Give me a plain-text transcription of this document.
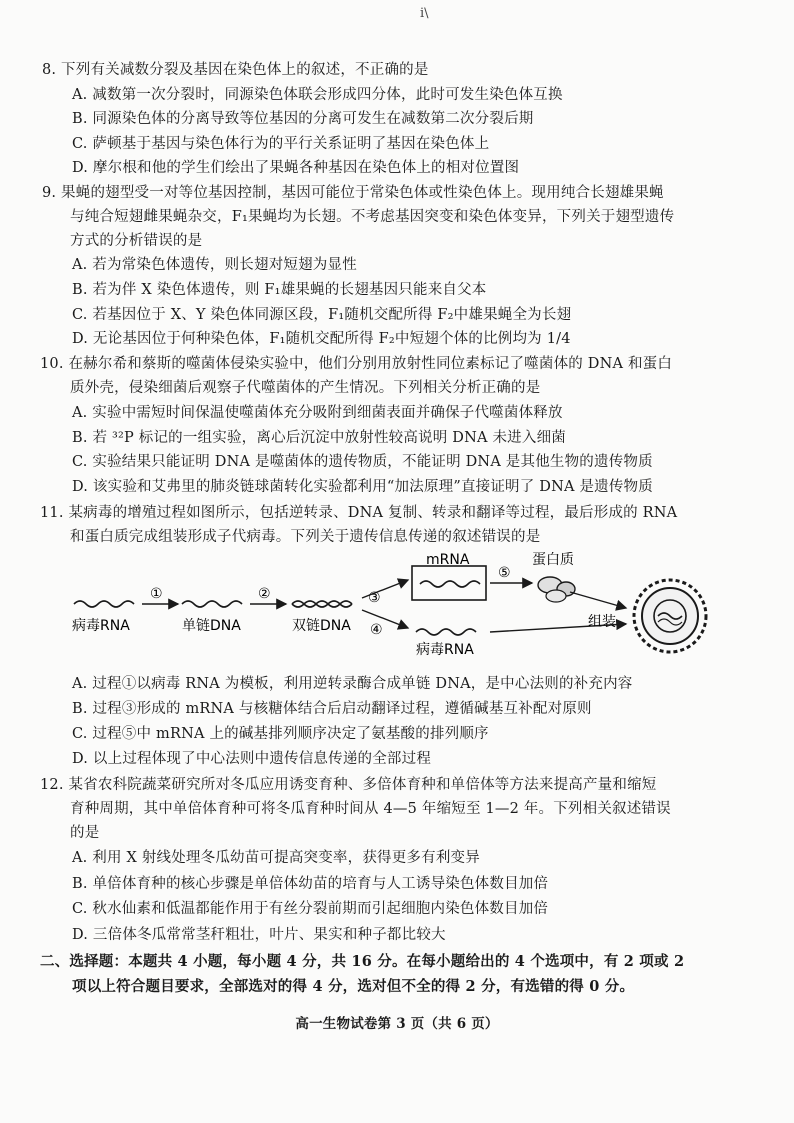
i\
8. 下列有关减数分裂及基因在染色体上的叙述，不正确的是
A. 减数第一次分裂时，同源染色体联会形成四分体，此时可发生染色体互换
B. 同源染色体的分离导致等位基因的分离可发生在减数第二次分裂后期
C. 萨顿基于基因与染色体行为的平行关系证明了基因在染色体上
D. 摩尔根和他的学生们绘出了果蝇各种基因在染色体上的相对位置图
9. 果蝇的翅型受一对等位基因控制，基因可能位于常染色体或性染色体上。现用纯合长翅雄果蝇
与纯合短翅雌果蝇杂交，F₁果蝇均为长翅。不考虑基因突变和染色体变异，下列关于翅型遗传
方式的分析错误的是
A. 若为常染色体遗传，则长翅对短翅为显性
B. 若为伴 X 染色体遗传，则 F₁雄果蝇的长翅基因只能来自父本
C. 若基因位于 X、Y 染色体同源区段，F₁随机交配所得 F₂中雄果蝇全为长翅
D. 无论基因位于何种染色体，F₁随机交配所得 F₂中短翅个体的比例均为 1/4
10. 在赫尔希和蔡斯的噬菌体侵染实验中，他们分别用放射性同位素标记了噬菌体的 DNA 和蛋白
质外壳，侵染细菌后观察子代噬菌体的产生情况。下列相关分析正确的是
A. 实验中需短时间保温使噬菌体充分吸附到细菌表面并确保子代噬菌体释放
B. 若 ³²P 标记的一组实验，离心后沉淀中放射性较高说明 DNA 未进入细菌
C. 实验结果只能证明 DNA 是噬菌体的遗传物质，不能证明 DNA 是其他生物的遗传物质
D. 该实验和艾弗里的肺炎链球菌转化实验都利用“加法原理”直接证明了 DNA 是遗传物质
11. 某病毒的增殖过程如图所示，包括逆转录、DNA 复制、转录和翻译等过程，最后形成的 RNA
和蛋白质完成组装形成子代病毒。下列关于遗传信息传递的叙述错误的是
病毒RNA
①
单链DNA
②
双链DNA
③
④
mRNA
病毒RNA
⑤
蛋白质
组装
A. 过程①以病毒 RNA 为模板，利用逆转录酶合成单链 DNA，是中心法则的补充内容
B. 过程③形成的 mRNA 与核糖体结合后启动翻译过程，遵循碱基互补配对原则
C. 过程⑤中 mRNA 上的碱基排列顺序决定了氨基酸的排列顺序
D. 以上过程体现了中心法则中遗传信息传递的全部过程
12. 某省农科院蔬菜研究所对冬瓜应用诱变育种、多倍体育种和单倍体等方法来提高产量和缩短
育种周期，其中单倍体育种可将冬瓜育种时间从 4—5 年缩短至 1—2 年。下列相关叙述错误
的是
A. 利用 X 射线处理冬瓜幼苗可提高突变率，获得更多有利变异
B. 单倍体育种的核心步骤是单倍体幼苗的培育与人工诱导染色体数目加倍
C. 秋水仙素和低温都能作用于有丝分裂前期而引起细胞内染色体数目加倍
D. 三倍体冬瓜常常茎秆粗壮，叶片、果实和种子都比较大
二、选择题：本题共 4 小题，每小题 4 分，共 16 分。在每小题给出的 4 个选项中，有 2 项或 2
项以上符合题目要求，全部选对的得 4 分，选对但不全的得 2 分，有选错的得 0 分。
高一生物试卷第 3 页（共 6 页）
